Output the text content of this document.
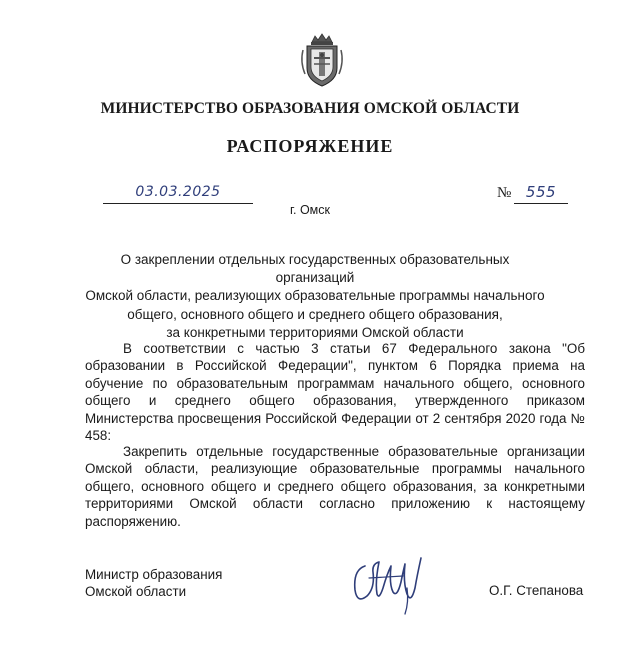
МИНИСТЕРСТВО ОБРАЗОВАНИЯ ОМСКОЙ ОБЛАСТИ
РАСПОРЯЖЕНИЕ
03.03.2025	№ 555
г. Омск
О закреплении отдельных государственных образовательных организаций
Омской области, реализующих образовательные программы начального
общего, основного общего и среднего общего образования,
за конкретными территориями Омской области

В соответствии с частью 3 статьи 67 Федерального закона "Об образовании в Российской Федерации", пунктом 6 Порядка приема на обучение по образовательным программам начального общего, основного общего и среднего общего образования, утвержденного приказом Министерства просвещения Российской Федерации от 2 сентября 2020 года № 458:

Закрепить отдельные государственные образовательные организации Омской области, реализующие образовательные программы начального общего, основного общего и среднего общего образования, за конкретными территориями Омской области согласно приложению к настоящему распоряжению.

Министр образования
Омской области	О.Г. Степанова
